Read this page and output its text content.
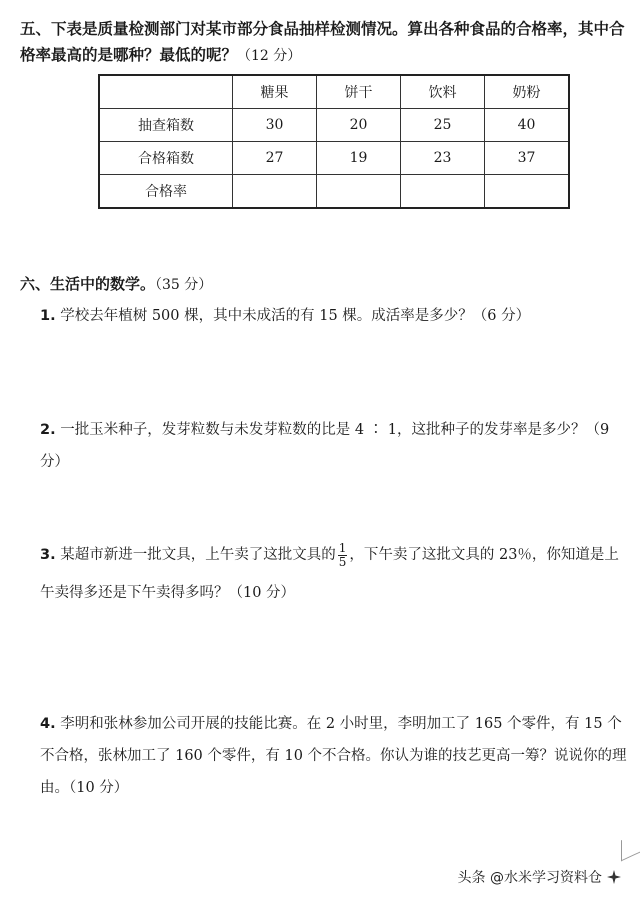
五、下表是质量检测部门对某市部分食品抽样检测情况。算出各种食品的合格率，其中合格率最高的是哪种？最低的呢？（12 分）
	糖果	饼干	饮料	奶粉
抽查箱数	30	20	25	40
合格箱数	27	19	23	37
合格率				
六、生活中的数学。（35 分）
1. 学校去年植树 500 棵，其中未成活的有 15 棵。成活率是多少？（6 分）
2. 一批玉米种子，发芽粒数与未发芽粒数的比是 4 ∶ 1，这批种子的发芽率是多少？（9 分）
3. 某超市新进一批文具，上午卖了这批文具的 $\frac{1}{5}$ ，下午卖了这批文具的 23％，你知道是上午卖得多还是下午卖得多吗？（10 分）
4. 李明和张林参加公司开展的技能比赛。在 2 小时里，李明加工了 165 个零件，有 15 个不合格，张林加工了 160 个零件，有 10 个不合格。你认为谁的技艺更高一筹？说说你的理由。（10 分）
头条 @水米学习资料仓
